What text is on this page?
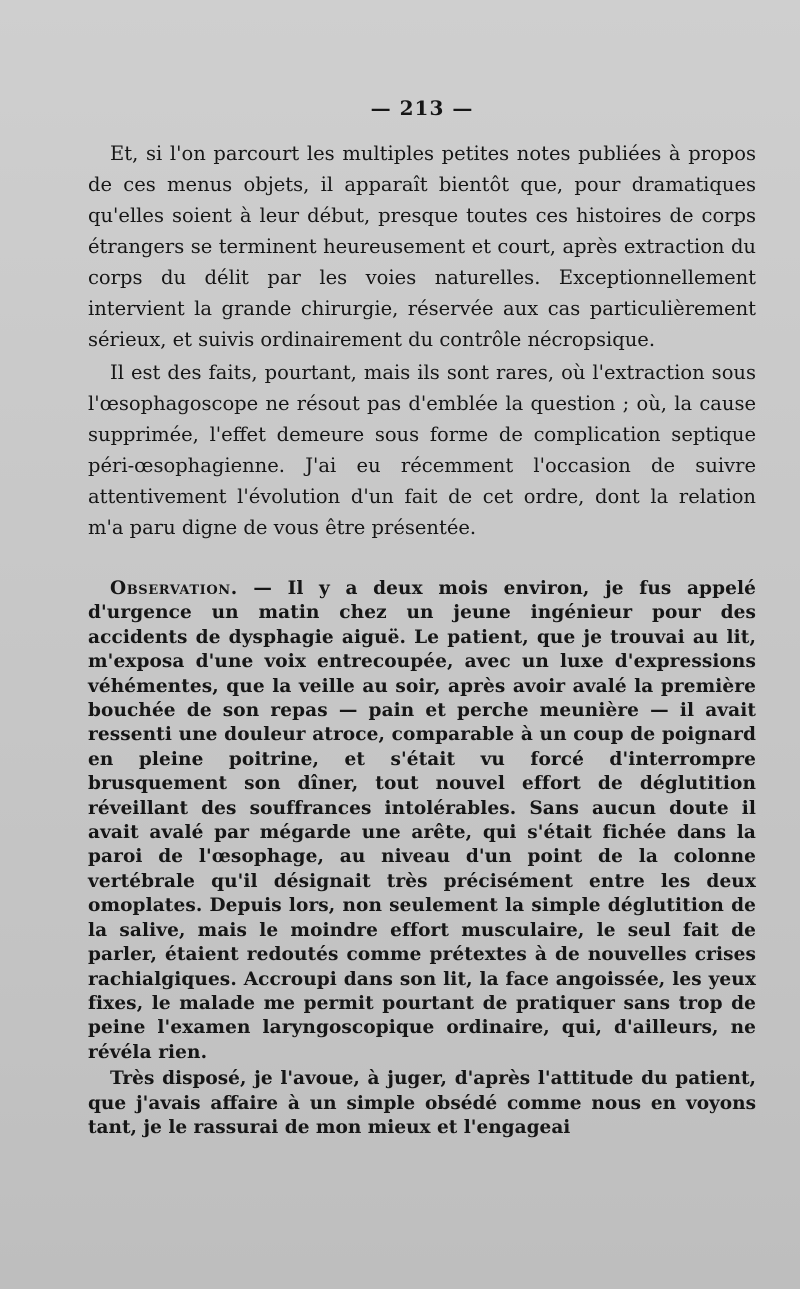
— 213 —

Et, si l'on parcourt les multiples petites notes publiées à propos de ces menus objets, il apparaît bientôt que, pour dramatiques qu'elles soient à leur début, presque toutes ces histoires de corps étrangers se terminent heureusement et court, après extraction du corps du délit par les voies naturelles. Exceptionnellement intervient la grande chirurgie, réservée aux cas particulièrement sérieux, et suivis ordinairement du contrôle nécropsique.

Il est des faits, pourtant, mais ils sont rares, où l'extraction sous l'œsophagoscope ne résout pas d'emblée la question ; où, la cause supprimée, l'effet demeure sous forme de complication septique péri-œsophagienne. J'ai eu récemment l'occasion de suivre attentivement l'évolution d'un fait de cet ordre, dont la relation m'a paru digne de vous être présentée.

Observation. — Il y a deux mois environ, je fus appelé d'urgence un matin chez un jeune ingénieur pour des accidents de dysphagie aiguë. Le patient, que je trouvai au lit, m'exposa d'une voix entrecoupée, avec un luxe d'expressions véhémentes, que la veille au soir, après avoir avalé la première bouchée de son repas — pain et perche meunière — il avait ressenti une douleur atroce, comparable à un coup de poignard en pleine poitrine, et s'était vu forcé d'interrompre brusquement son dîner, tout nouvel effort de déglutition réveillant des souffrances intolérables. Sans aucun doute il avait avalé par mégarde une arête, qui s'était fichée dans la paroi de l'œsophage, au niveau d'un point de la colonne vertébrale qu'il désignait très précisément entre les deux omoplates. Depuis lors, non seulement la simple déglutition de la salive, mais le moindre effort musculaire, le seul fait de parler, étaient redoutés comme prétextes à de nouvelles crises rachialgiques. Accroupi dans son lit, la face angoissée, les yeux fixes, le malade me permit pourtant de pratiquer sans trop de peine l'examen laryngoscopique ordinaire, qui, d'ailleurs, ne révéla rien.

Très disposé, je l'avoue, à juger, d'après l'attitude du patient, que j'avais affaire à un simple obsédé comme nous en voyons tant, je le rassurai de mon mieux et l'engageai
